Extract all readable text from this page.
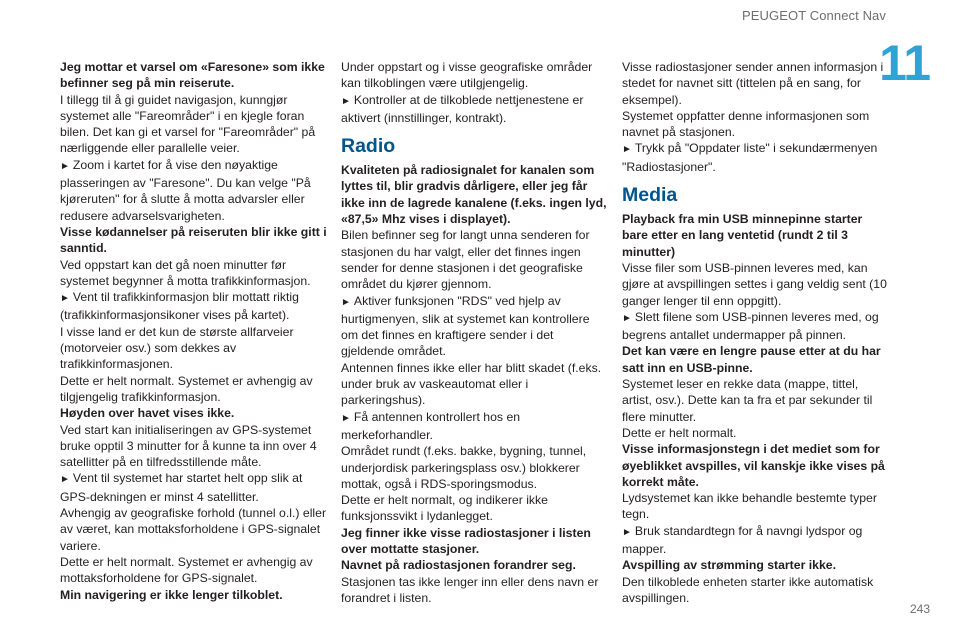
PEUGEOT Connect Nav
11

Jeg mottar et varsel om «Faresone» som ikke befinner seg på min reiserute.

I tillegg til å gi guidet navigasjon, kunngjør systemet alle "Fareområder" i en kjegle foran bilen. Det kan gi et varsel for "Fareområder" på nærliggende eller parallelle veier.

► Zoom i kartet for å vise den nøyaktige plasseringen av "Faresone". Du kan velge "På kjøreruten" for å slutte å motta advarsler eller redusere advarselsvarigheten.

Visse kødannelser på reiseruten blir ikke gitt i sanntid.

Ved oppstart kan det gå noen minutter før systemet begynner å motta trafikkinformasjon.

► Vent til trafikkinformasjon blir mottatt riktig (trafikkinformasjonsikoner vises på kartet).

I visse land er det kun de største allfarveier (motorveier osv.) som dekkes av trafikkinformasjonen.

Dette er helt normalt. Systemet er avhengig av tilgjengelig trafikkinformasjon.

Høyden over havet vises ikke.

Ved start kan initialiseringen av GPS-systemet bruke opptil 3 minutter for å kunne ta inn over 4 satellitter på en tilfredsstillende måte.

► Vent til systemet har startet helt opp slik at GPS-dekningen er minst 4 satellitter.

Avhengig av geografiske forhold (tunnel o.l.) eller av været, kan mottaksforholdene i GPS-signalet variere.

Dette er helt normalt. Systemet er avhengig av mottaksforholdene for GPS-signalet.

Min navigering er ikke lenger tilkoblet.

Under oppstart og i visse geografiske områder kan tilkoblingen være utilgjengelig.

► Kontroller at de tilkoblede nettjenestene er aktivert (innstillinger, kontrakt).

Radio

Kvaliteten på radiosignalet for kanalen som lyttes til, blir gradvis dårligere, eller jeg får ikke inn de lagrede kanalene (f.eks. ingen lyd, «87,5» Mhz vises i displayet).

Bilen befinner seg for langt unna senderen for stasjonen du har valgt, eller det finnes ingen sender for denne stasjonen i det geografiske området du kjører gjennom.

► Aktiver funksjonen "RDS" ved hjelp av hurtigmenyen, slik at systemet kan kontrollere om det finnes en kraftigere sender i det gjeldende området.

Antennen finnes ikke eller har blitt skadet (f.eks. under bruk av vaskeautomat eller i parkeringshus).

► Få antennen kontrollert hos en merkeforhandler.

Området rundt (f.eks. bakke, bygning, tunnel, underjordisk parkeringsplass osv.) blokkerer mottak, også i RDS-sporingsmodus.

Dette er helt normalt, og indikerer ikke funksjonssvikt i lydanlegget.

Jeg finner ikke visse radiostasjoner i listen over mottatte stasjoner.

Navnet på radiostasjonen forandrer seg.

Stasjonen tas ikke lenger inn eller dens navn er forandret i listen.

Visse radiostasjoner sender annen informasjon i stedet for navnet sitt (tittelen på en sang, for eksempel).

Systemet oppfatter denne informasjonen som navnet på stasjonen.

► Trykk på "Oppdater liste" i sekundærmenyen "Radiostasjoner".

Media

Playback fra min USB minnepinne starter bare etter en lang ventetid (rundt 2 til 3 minutter)

Visse filer som USB-pinnen leveres med, kan gjøre at avspillingen settes i gang veldig sent (10 ganger lenger til enn oppgitt).

► Slett filene som USB-pinnen leveres med, og begrens antallet undermapper på pinnen.

Det kan være en lengre pause etter at du har satt inn en USB-pinne.

Systemet leser en rekke data (mappe, tittel, artist, osv.). Dette kan ta fra et par sekunder til flere minutter.

Dette er helt normalt.

Visse informasjonstegn i det mediet som for øyeblikket avspilles, vil kanskje ikke vises på korrekt måte.

Lydsystemet kan ikke behandle bestemte typer tegn.

► Bruk standardtegn for å navngi lydspor og mapper.

Avspilling av strømming starter ikke.

Den tilkoblede enheten starter ikke automatisk avspillingen.

243
